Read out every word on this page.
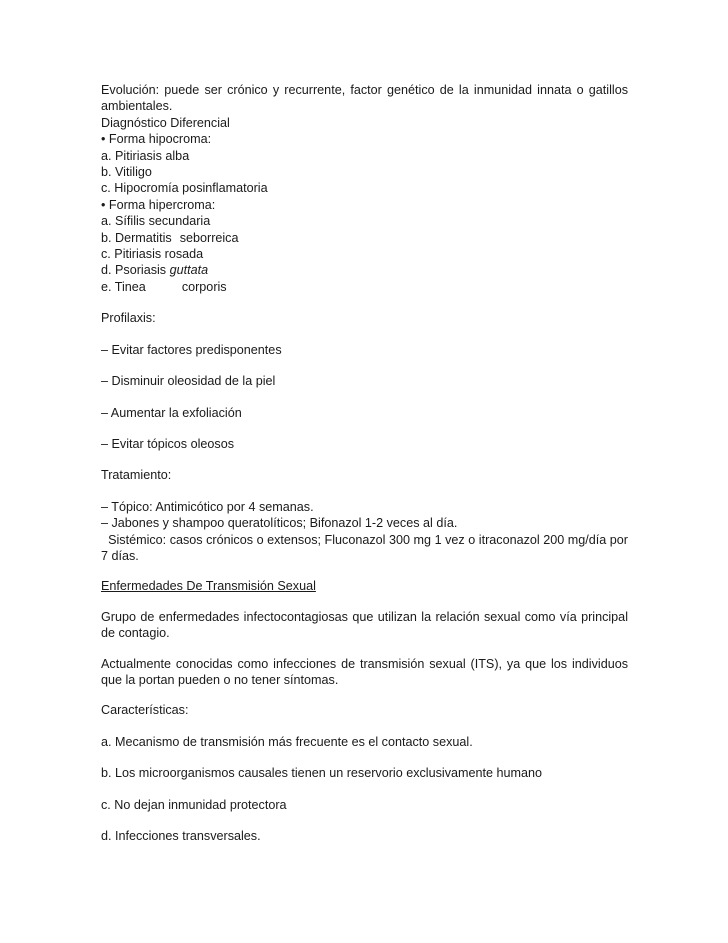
Evolución: puede ser crónico y recurrente, factor genético de la inmunidad innata o gatillos ambientales.

Diagnóstico Diferencial

• Forma hipocroma:

a. Pitiriasis alba

b. Vitiligo

c. Hipocromía posinflamatoria

• Forma hipercroma:

a. Sífilis secundaria

b. Dermatitis seborreica

c. Pitiriasis rosada

d. Psoriasis guttata

e. Tinea	corporis

Profilaxis:

‒ Evitar factores predisponentes

‒ Disminuir oleosidad de la piel

‒ Aumentar la exfoliación

‒ Evitar tópicos oleosos

Tratamiento:

‒ Tópico: Antimicótico por 4 semanas.

‒ Jabones y shampoo queratolíticos; Bifonazol 1-2 veces al día.

Sistémico: casos crónicos o extensos; Fluconazol 300 mg 1 vez o itraconazol 200 mg/día por 7 días.

Enfermedades De Transmisión Sexual

Grupo de enfermedades infectocontagiosas que utilizan la relación sexual como vía principal de contagio.

Actualmente conocidas como infecciones de transmisión sexual (ITS), ya que los individuos que la portan pueden o no tener síntomas.

Características:

a. Mecanismo de transmisión más frecuente es el contacto sexual.

b. Los microorganismos causales tienen un reservorio exclusivamente humano

c. No dejan inmunidad protectora

d. Infecciones transversales.
